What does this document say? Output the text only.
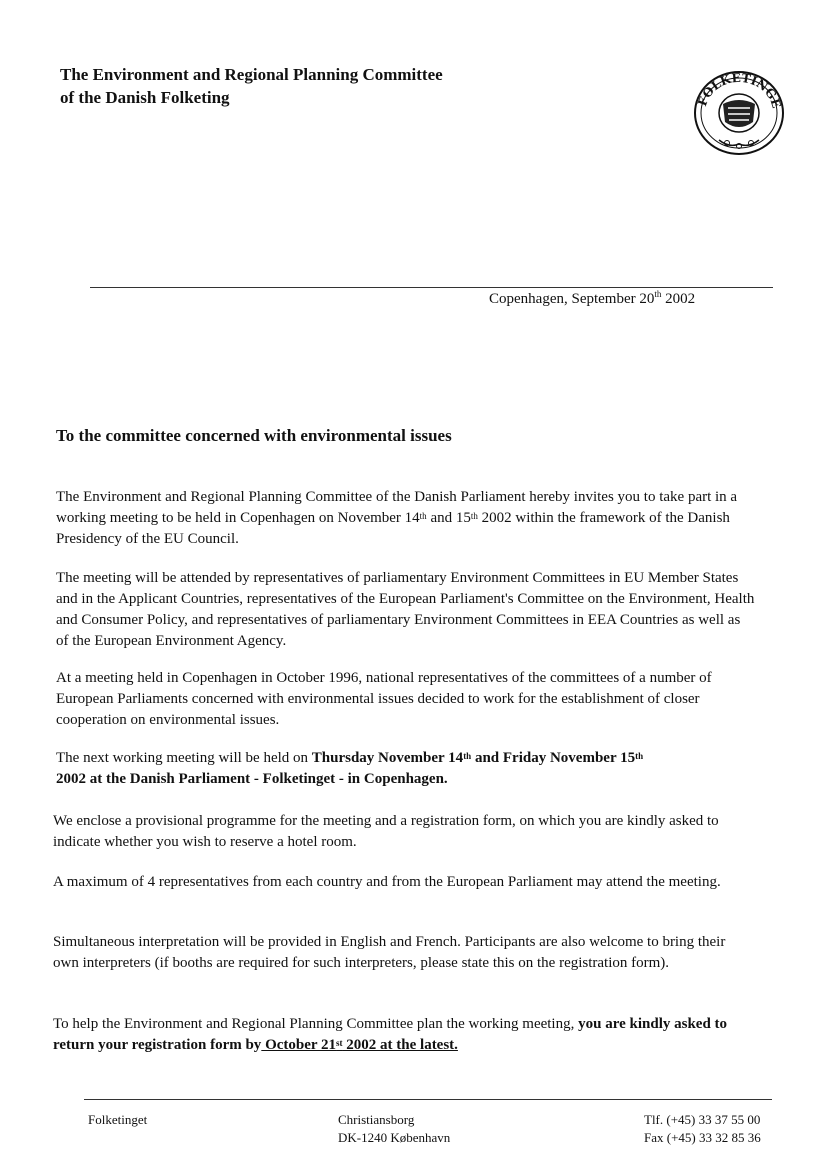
The Environment and Regional Planning Committee
of the Danish Folketing	FOLKETINGE
Copenhagen, September 20th 2002
To the committee concerned with environmental issues
The Environment and Regional Planning Committee of the Danish Parliament hereby invites you to take part in a working meeting to be held in Copenhagen on November 14th and 15th 2002 within the framework of the Danish Presidency of the EU Council.
The meeting will be attended by representatives of parliamentary Environment Committees in EU Member States and in the Applicant Countries, representatives of the European Parliament's Committee on the Environment, Health and Consumer Policy, and representatives of parliamentary Environment Committees in EEA Countries as well as of the European Environment Agency.
At a meeting held in Copenhagen in October 1996, national representatives of the committees of a number of European Parliaments concerned with environmental issues decided to work for the establishment of closer cooperation on environmental issues.
The next working meeting will be held on Thursday November 14th and Friday November 15th
2002 at the Danish Parliament - Folketinget - in Copenhagen.
We enclose a provisional programme for the meeting and a registration form, on which you are kindly asked to indicate whether you wish to reserve a hotel room.
A maximum of 4 representatives from each country and from the European Parliament may attend the meeting.
Simultaneous interpretation will be provided in English and French. Participants are also welcome to bring their own interpreters (if booths are required for such interpreters, please state this on the registration form).
To help the Environment and Regional Planning Committee plan the working meeting, you are kindly asked to return your registration form by October 21st 2002 at the latest.
Folketinget	Christiansborg
DK-1240 København
Tlf. (+45) 33 37 55 00
Fax (+45) 33 32 85 36
